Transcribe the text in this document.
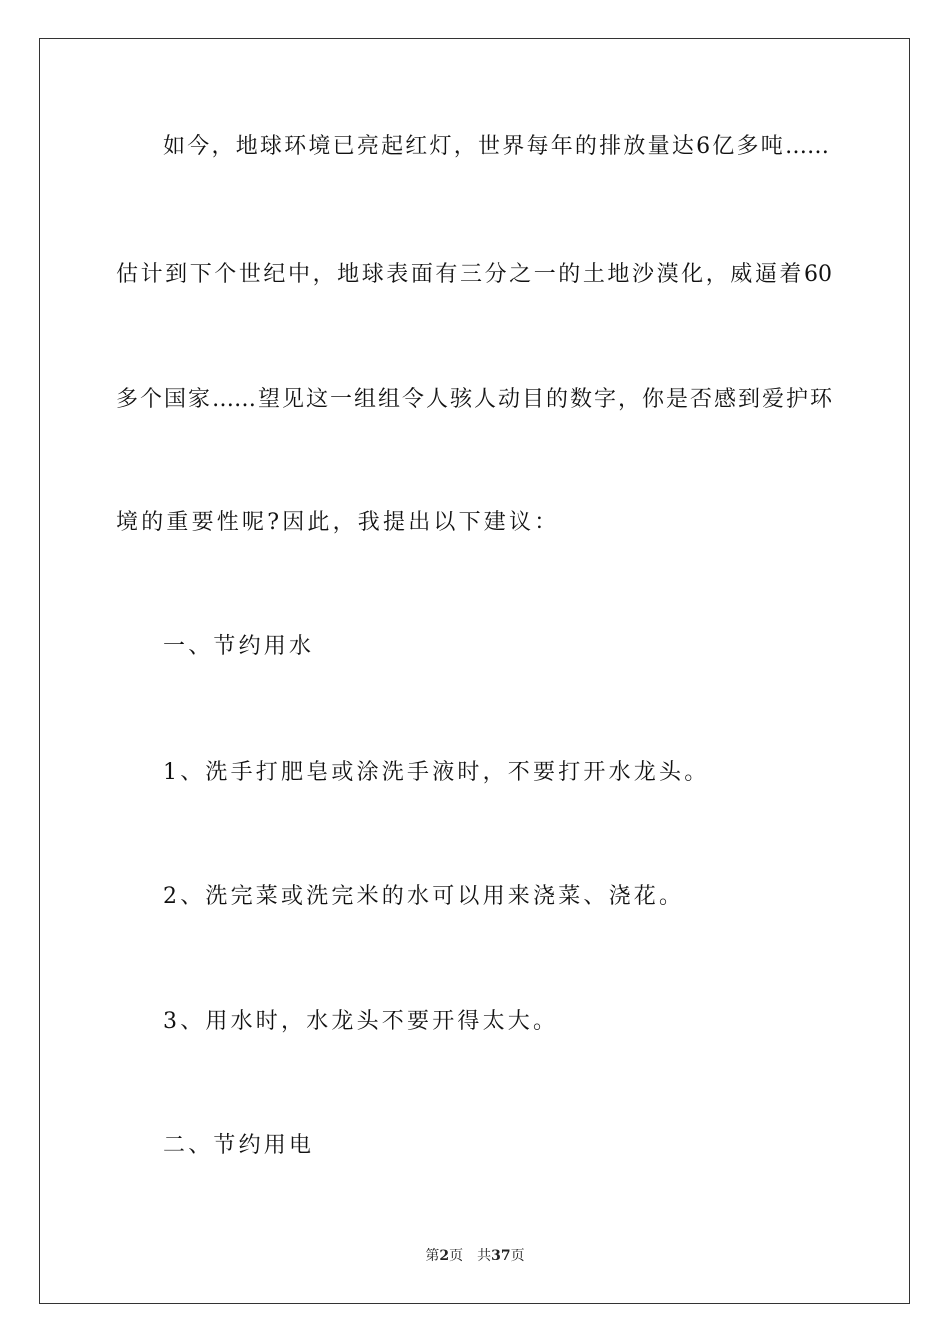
如今，地球环境已亮起红灯，世界每年的排放量达6亿多吨……
估计到下个世纪中，地球表面有三分之一的土地沙漠化，威逼着60
多个国家……望见这一组组令人骇人动目的数字，你是否感到爱护环
境的重要性呢?因此，我提出以下建议：
一、节约用水
1、洗手打肥皂或涂洗手液时，不要打开水龙头。
2、洗完菜或洗完米的水可以用来浇菜、浇花。
3、用水时，水龙头不要开得太大。
二、节约用电
第2页 共37页
